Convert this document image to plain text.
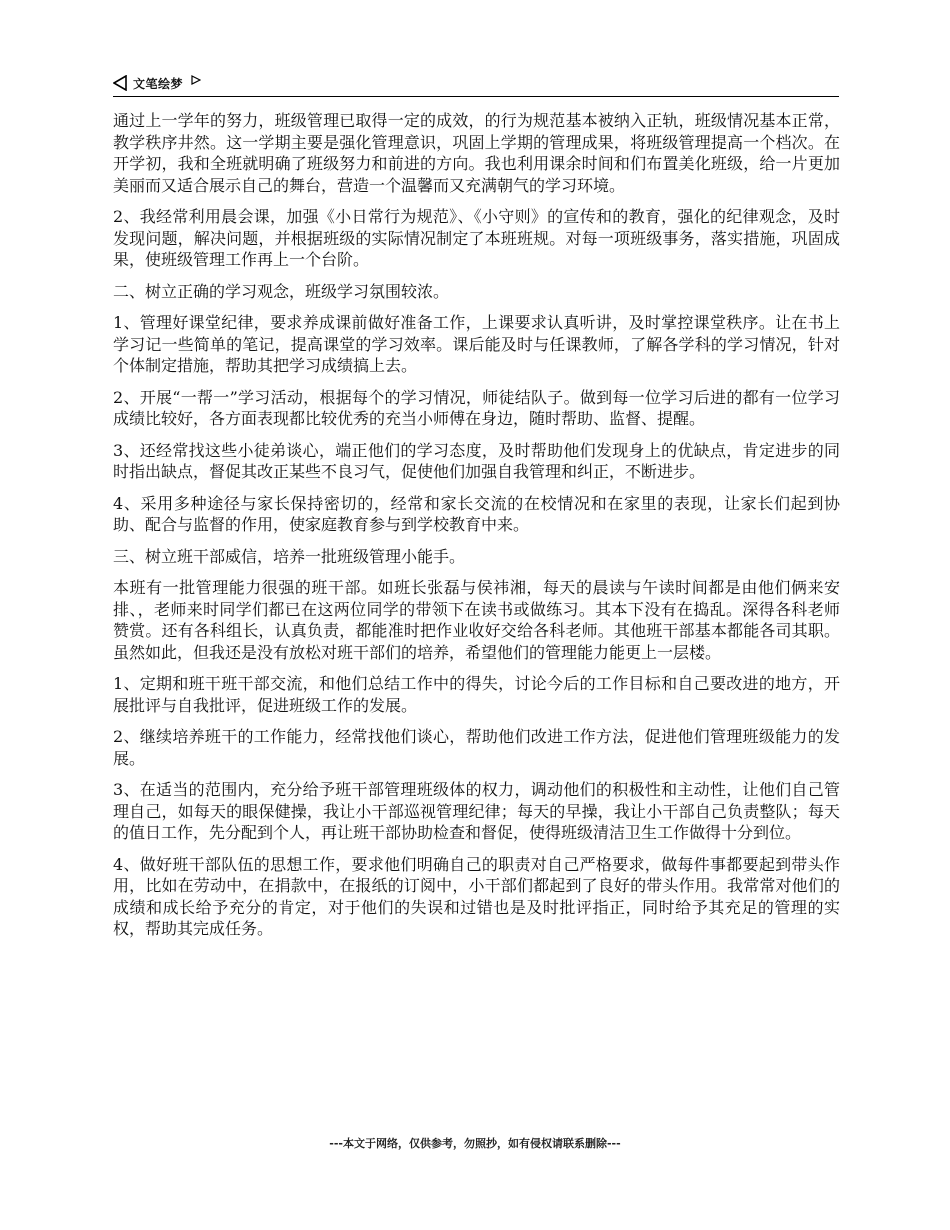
文笔绘梦

通过上一学年的努力，班级管理已取得一定的成效，的行为规范基本被纳入正轨，班级情况基本正常，教学秩序井然。这一学期主要是强化管理意识，巩固上学期的管理成果，将班级管理提高一个档次。在开学初，我和全班就明确了班级努力和前进的方向。我也利用课余时间和们布置美化班级，给一片更加美丽而又适合展示自己的舞台，营造一个温馨而又充满朝气的学习环境。

2、我经常利用晨会课，加强《小日常行为规范》、《小守则》的宣传和的教育，强化的纪律观念，及时发现问题，解决问题，并根据班级的实际情况制定了本班班规。对每一项班级事务，落实措施，巩固成果，使班级管理工作再上一个台阶。

二、树立正确的学习观念，班级学习氛围较浓。

1、管理好课堂纪律，要求养成课前做好准备工作，上课要求认真听讲，及时掌控课堂秩序。让在书上学习记一些简单的笔记，提高课堂的学习效率。课后能及时与任课教师，了解各学科的学习情况，针对个体制定措施，帮助其把学习成绩搞上去。

2、开展“一帮一”学习活动，根据每个的学习情况，师徒结队子。做到每一位学习后进的都有一位学习成绩比较好，各方面表现都比较优秀的充当小师傅在身边，随时帮助、监督、提醒。

3、还经常找这些小徒弟谈心，端正他们的学习态度，及时帮助他们发现身上的优缺点，肯定进步的同时指出缺点，督促其改正某些不良习气，促使他们加强自我管理和纠正，不断进步。

4、采用多种途径与家长保持密切的，经常和家长交流的在校情况和在家里的表现，让家长们起到协助、配合与监督的作用，使家庭教育参与到学校教育中来。

三、树立班干部威信，培养一批班级管理小能手。

本班有一批管理能力很强的班干部。如班长张磊与侯祎湘，每天的晨读与午读时间都是由他们俩来安排、，老师来时同学们都已在这两位同学的带领下在读书或做练习。其本下没有在捣乱。深得各科老师赞赏。还有各科组长，认真负责，都能准时把作业收好交给各科老师。其他班干部基本都能各司其职。虽然如此，但我还是没有放松对班干部们的培养，希望他们的管理能力能更上一层楼。

1、定期和班干班干部交流，和他们总结工作中的得失，讨论今后的工作目标和自己要改进的地方，开展批评与自我批评，促进班级工作的发展。

2、继续培养班干的工作能力，经常找他们谈心，帮助他们改进工作方法，促进他们管理班级能力的发展。

3、在适当的范围内，充分给予班干部管理班级体的权力，调动他们的积极性和主动性，让他们自己管理自己，如每天的眼保健操，我让小干部巡视管理纪律；每天的早操，我让小干部自己负责整队；每天的值日工作，先分配到个人，再让班干部协助检查和督促，使得班级清洁卫生工作做得十分到位。

4、做好班干部队伍的思想工作，要求他们明确自己的职责对自己严格要求，做每件事都要起到带头作用，比如在劳动中，在捐款中，在报纸的订阅中，小干部们都起到了良好的带头作用。我常常对他们的成绩和成长给予充分的肯定，对于他们的失误和过错也是及时批评指正，同时给予其充足的管理的实权，帮助其完成任务。

---本文于网络，仅供参考，勿照抄，如有侵权请联系删除---
